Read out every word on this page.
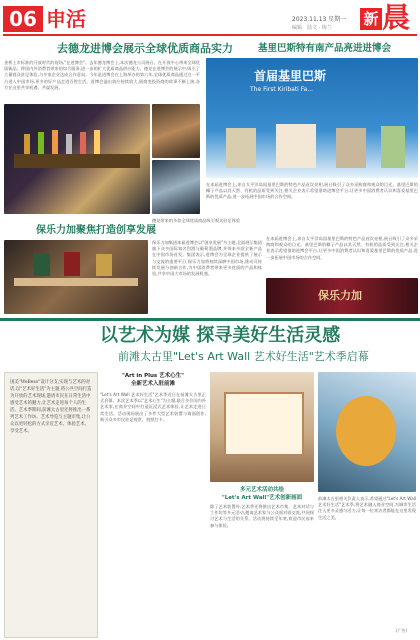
06 申活	2023.11.13 星期一
编辑　陆文 · 梅兰 新 晨
去德龙进博会展示全球优质商品实力
金桥上市标准的开放时代的现场,"在进博会"。去年德龙博会上,本次德龙公司展台。在开放中心带来全球优质新品。将国内外消费者带来的综合服务,进一步的扩大优质商品供应能力。德龙在进博会的展示中,吸引了大量观众驻足体验,与多家企业达成合作意向。今年是进博会在上海举办的第六年,全球优质商品通过这一平台进入中国市场,更多的好产品走进百姓生活。进博会溢出效应持续放大,展商变投资商的故事不断上演,各方在这里共享机遇、共谋发展。
基里巴斯特有南产品亮进进博会
首届基里巴斯
The First Kiribati Fa...
在本届进博会上,来自太平洋岛国基里巴斯的特色产品首次亮相,展台吸引了众多采购商和观众的目光。基里巴斯的椰子产品以其天然、有机的品质受到关注,相关企业表示希望借助进博会平台,让更多中国消费者认识和喜爱基里巴斯的优质产品,进一步拓展中国市场的合作空间。
德龙带来的多款全球优质商品吸引观众驻足体验
保乐力加聚焦打造创享发展
保乐力加集团本届进博会以"创享发展"为主题,全面展示集团旗下众多国际知名烈酒与葡萄酒品牌,并带来多款全新产品在中国市场首发。集团表示,进博会为全球企业提供了展示与交流的重要平台,保乐力加将持续深耕中国市场,推动可持续发展与创新合作,为中国消费者带来更多优质的产品和体验,共享中国大市场的发展机遇。
在本届进博会上,来自太平洋岛国基里巴斯的特色产品首次亮相,展台吸引了众多采购商和观众的目光。基里巴斯的椰子产品以其天然、有机的品质受到关注,相关企业表示希望借助进博会平台,让更多中国消费者认识和喜爱基里巴斯的优质产品,进一步拓展中国市场的合作空间。
保乐力加
以艺术为媒 探寻美好生活灵感
前滩太古里"Let's Art Wall 艺术好生活"艺术季启幕
国美"WeBeso"设计分支,实现与艺术的对话,以"艺术好生活"为主题,将公共空间打造为开放的艺术现场,邀请市民在日常生活中感受艺术的魅力,让艺术走进每个人的生活。艺术季期间,前滩太古里还将推出一系列艺术工作坊、艺术导览与主题市集,让公众以更轻松的方式亲近艺术、体验艺术、享受艺术。
"Art in Plus 艺术心生"
全新艺术入驻前滩
"Let's Art Wall 艺术好生活"艺术季近日在前滩太古里正式启幕。本次艺术季以"艺术心生"为主题,联合多位国内外艺术家,在商业空间中打造沉浸式艺术体验,让艺术走进日常生活。活动现场展出了多件大型艺术装置与墙面创作,吸引众多市民驻足观赏、拍照打卡。
多元艺术活动共绘
"Let's Art Wall"艺术创新画面
除了艺术装置外,艺术季还将推出艺术市集、艺术对话与工作坊等多元活动,邀请艺术家与公众面对面交流,共同探讨艺术与生活的关系。活动将持续至年底,欢迎市民前来参与体验。
前滩太古里相关负责人表示,希望通过"Let's Art Wall 艺术好生活"艺术季,将艺术融入商业空间,为城市生活注入更多灵感与活力,让每一位来访者都能在这里发现生活之美。
(广告)
